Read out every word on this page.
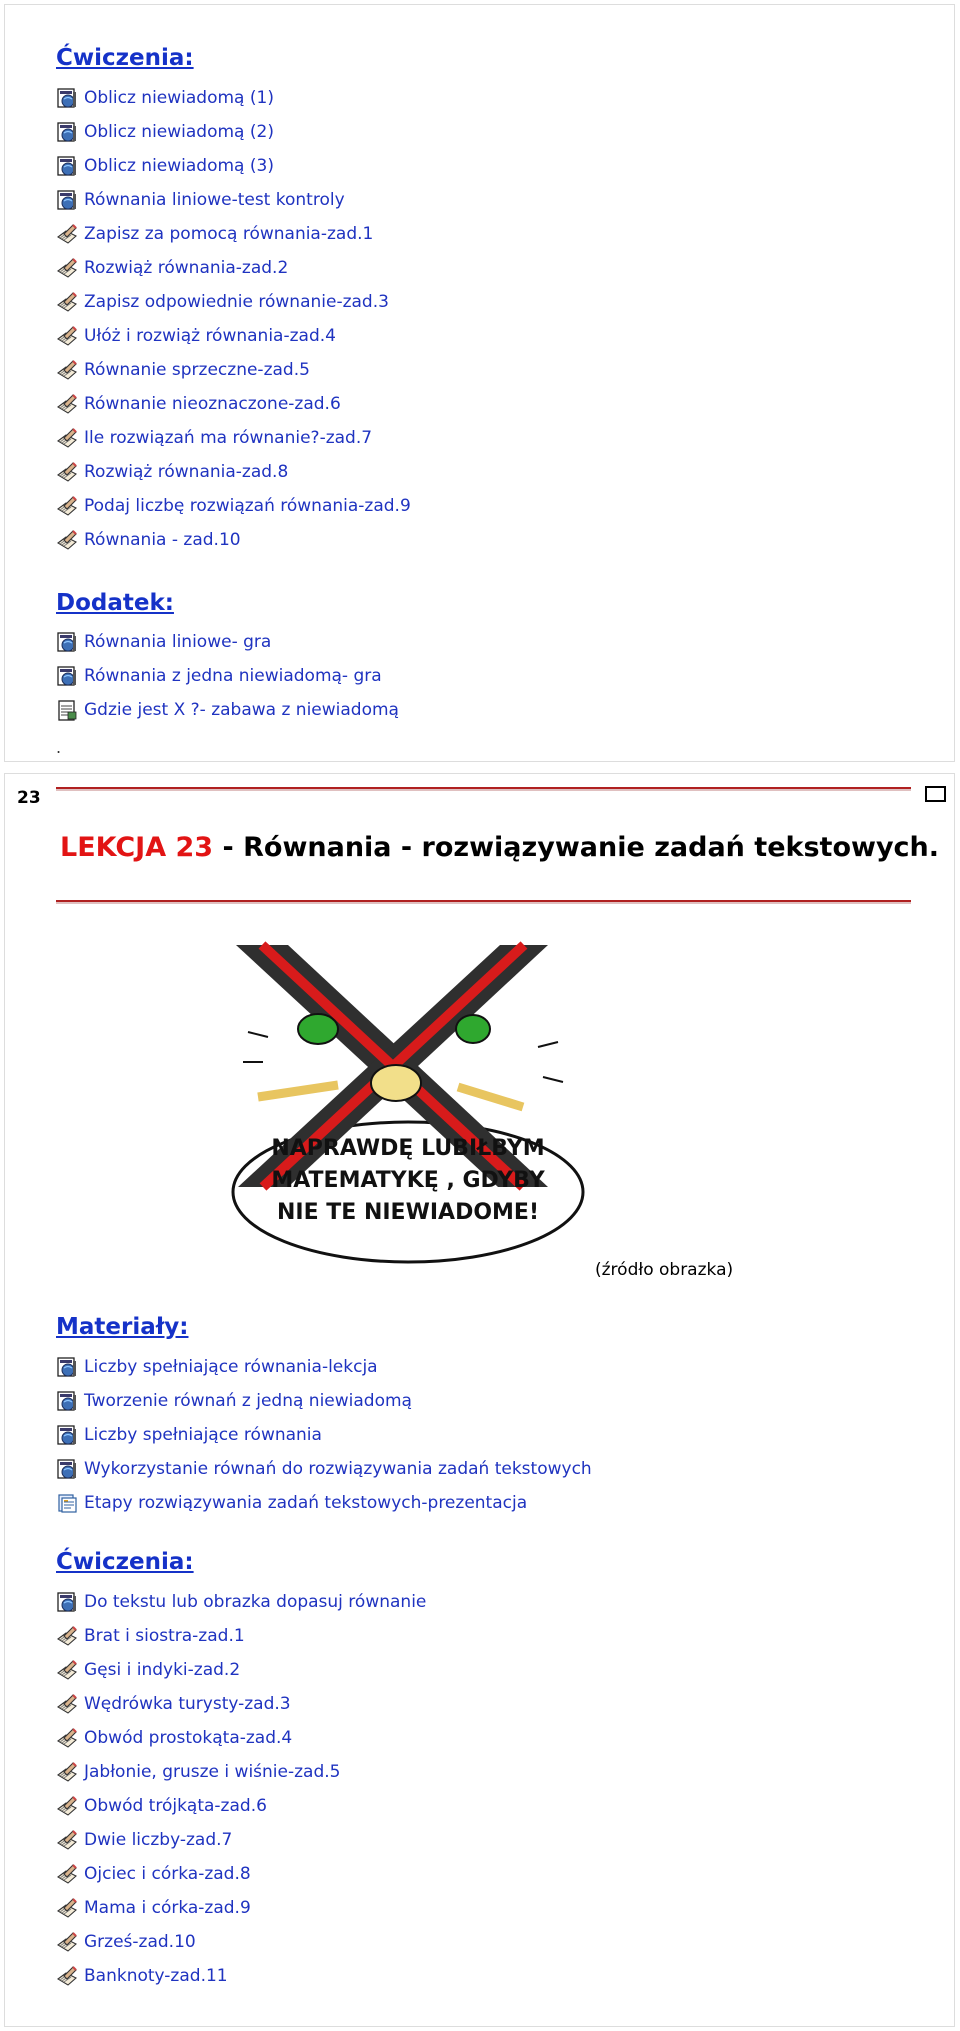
Ćwiczenia:
Oblicz niewiadomą (1)
Oblicz niewiadomą (2)
Oblicz niewiadomą (3)
Równania liniowe-test kontroly
Zapisz za pomocą równania-zad.1
Rozwiąż równania-zad.2
Zapisz odpowiednie równanie-zad.3
Ułóż i rozwiąż równania-zad.4
Równanie sprzeczne-zad.5
Równanie nieoznaczone-zad.6
Ile rozwiązań ma równanie?-zad.7
Rozwiąż równania-zad.8
Podaj liczbę rozwiązań równania-zad.9
Równania - zad.10
Dodatek:
Równania liniowe- gra
Równania z jedna niewiadomą- gra
Gdzie jest X ?- zabawa z niewiadomą
.
23
LEKCJA 23 - Równania - rozwiązywanie zadań tekstowych.
NAPRAWDĘ LUBIŁBYM
MATEMATYKĘ , GDYBY
NIE TE NIEWIADOME!
(źródło obrazka)
Materiały:
Liczby spełniające równania-lekcja
Tworzenie równań z jedną niewiadomą
Liczby spełniające równania
Wykorzystanie równań do rozwiązywania zadań tekstowych
Etapy rozwiązywania zadań tekstowych-prezentacja
Ćwiczenia:
Do tekstu lub obrazka dopasuj równanie
Brat i siostra-zad.1
Gęsi i indyki-zad.2
Wędrówka turysty-zad.3
Obwód prostokąta-zad.4
Jabłonie, grusze i wiśnie-zad.5
Obwód trójkąta-zad.6
Dwie liczby-zad.7
Ojciec i córka-zad.8
Mama i córka-zad.9
Grześ-zad.10
Banknoty-zad.11
